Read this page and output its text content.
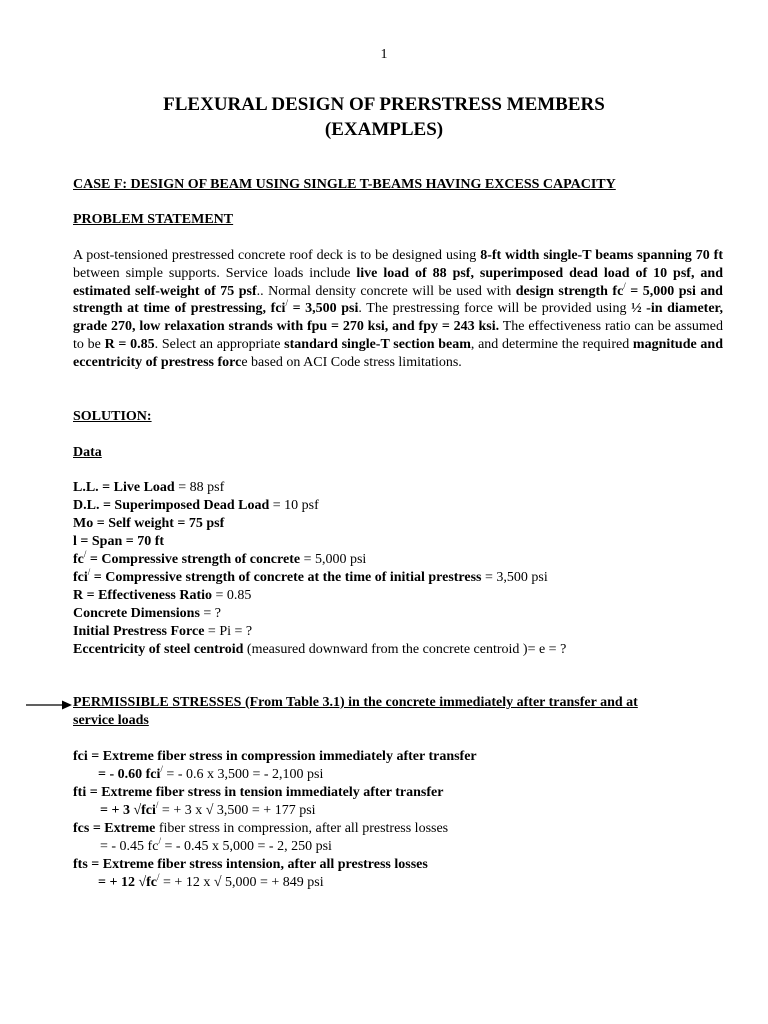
1
FLEXURAL DESIGN OF PRERSTRESS MEMBERS
(EXAMPLES)
CASE F: DESIGN OF BEAM USING SINGLE T-BEAMS HAVING EXCESS CAPACITY
PROBLEM STATEMENT
A post-tensioned prestressed concrete roof deck is to be designed using 8-ft width single-T beams spanning 70 ft between simple supports. Service loads include live load of 88 psf, superimposed dead load of 10 psf, and estimated self-weight of 75 psf.. Normal density concrete will be used with design strength fc/ = 5,000 psi and strength at time of prestressing, fci/ = 3,500 psi. The prestressing force will be provided using ½ -in diameter, grade 270, low relaxation strands with fpu = 270 ksi, and fpy = 243 ksi. The effectiveness ratio can be assumed to be R = 0.85. Select an appropriate standard single-T section beam, and determine the required magnitude and eccentricity of prestress force based on ACI Code stress limitations.
SOLUTION:
Data
L.L. = Live Load = 88 psf
D.L. = Superimposed Dead Load = 10 psf
Mo = Self weight = 75 psf
l = Span = 70 ft
fc/ = Compressive strength of concrete = 5,000 psi
fci/ = Compressive strength of concrete at the time of initial prestress = 3,500 psi
R = Effectiveness Ratio = 0.85
Concrete Dimensions = ?
Initial Prestress Force = Pi = ?
Eccentricity of steel centroid (measured downward from the concrete centroid )= e = ?
PERMISSIBLE STRESSES (From Table 3.1) in the concrete immediately after transfer and at
service loads
fci = Extreme fiber stress in compression immediately after transfer
= - 0.60 fci/ = - 0.6 x 3,500 = - 2,100 psi
fti = Extreme fiber stress in tension immediately after transfer
= + 3 √fci/ = + 3 x √ 3,500 = + 177 psi
fcs = Extreme fiber stress in compression, after all prestress losses
= - 0.45 fc/ = - 0.45 x 5,000 = - 2, 250 psi
fts = Extreme fiber stress intension, after all prestress losses
= + 12 √fc/ = + 12 x √ 5,000 = + 849 psi
